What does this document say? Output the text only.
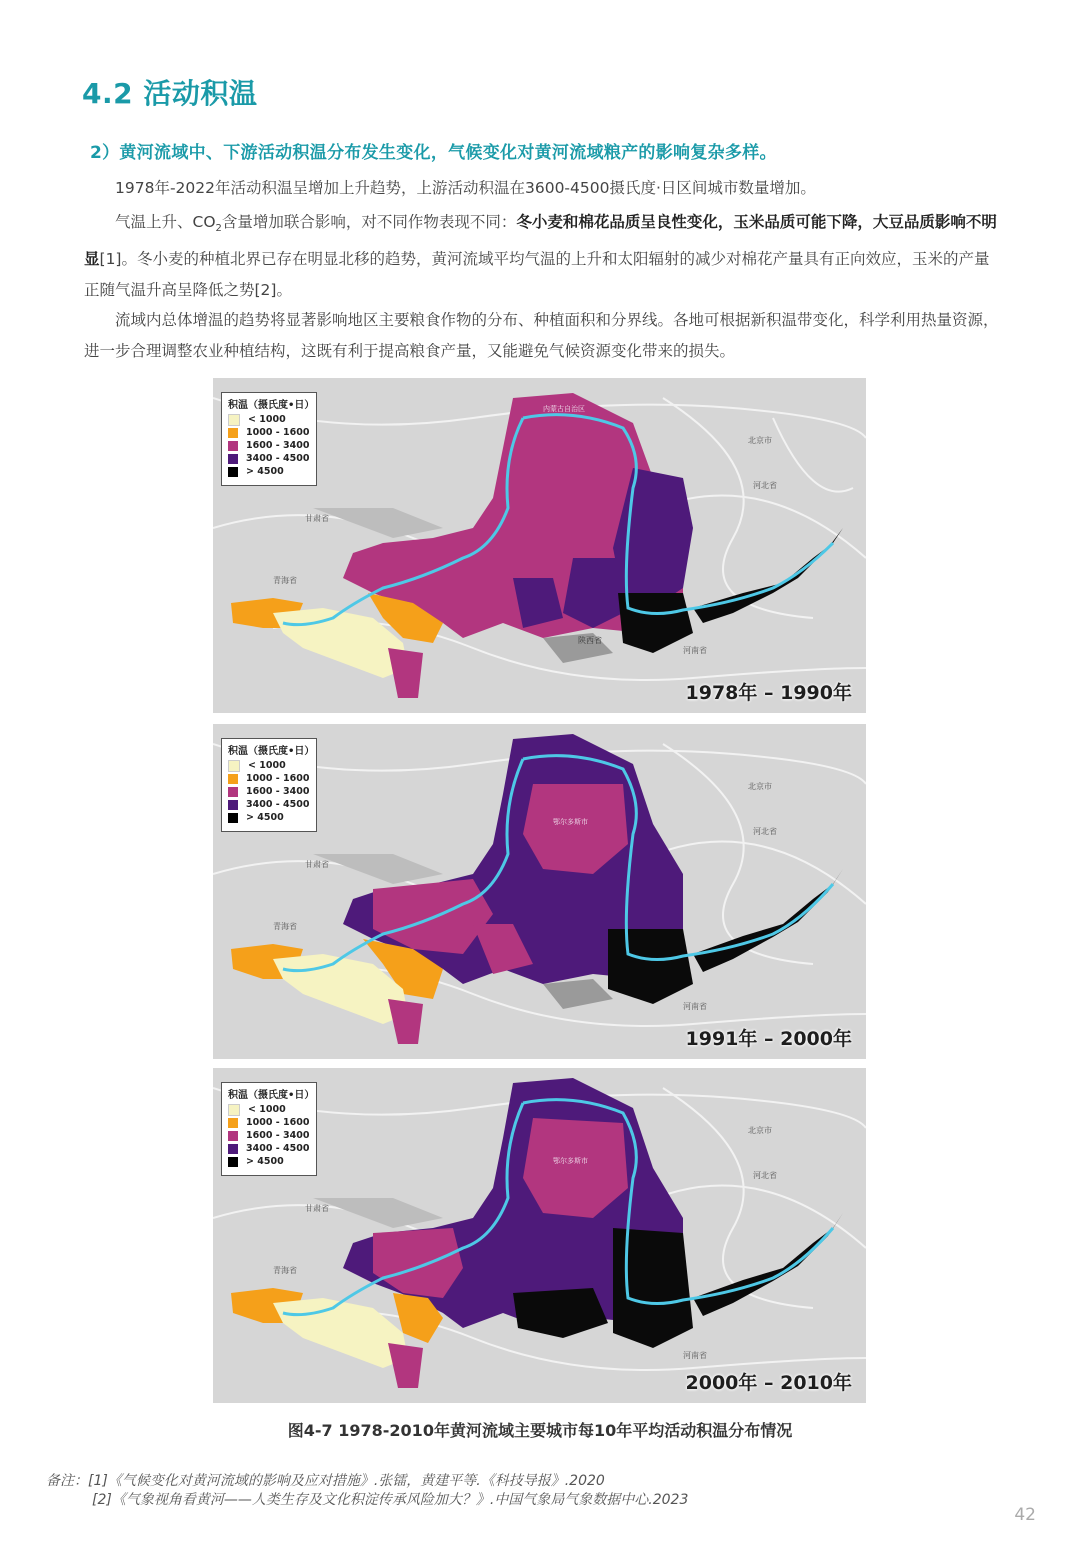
4.2 活动积温
2）黄河流域中、下游活动积温分布发生变化，气候变化对黄河流域粮产的影响复杂多样。
1978年-2022年活动积温呈增加上升趋势，上游活动积温在3600-4500摄氏度·日区间城市数量增加。
气温上升、$CO_2$含量增加联合影响，对不同作物表现不同：冬小麦和棉花品质呈良性变化，玉米品质可能下降，大豆品质影响不明显[1]。冬小麦的种植北界已存在明显北移的趋势，黄河流域平均气温的上升和太阳辐射的减少对棉花产量具有正向效应，玉米的产量正随气温升高呈降低之势[2]。
流域内总体增温的趋势将显著影响地区主要粮食作物的分布、种植面积和分界线。各地可根据新积温带变化，科学利用热量资源，进一步合理调整农业种植结构，这既有利于提高粮食产量，又能避免气候资源变化带来的损失。
甘肃省
青海省
河北省
河南省
北京市
陕西省
内蒙古自治区
积温（摄氏度•日）
< 1000
1000 - 1600
1600 - 3400
3400 - 4500
> 4500
1978年 – 1990年
甘肃省
青海省
河北省
河南省
北京市
鄂尔多斯市
积温（摄氏度•日）
< 1000
1000 - 1600
1600 - 3400
3400 - 4500
> 4500
1991年 – 2000年
甘肃省
青海省
河北省
河南省
北京市
鄂尔多斯市
积温（摄氏度•日）
< 1000
1000 - 1600
1600 - 3400
3400 - 4500
> 4500
2000年 – 2010年
图4-7 1978-2010年黄河流域主要城市每10年平均活动积温分布情况
备注：[1]《气候变化对黄河流域的影响及应对措施》.张镭，黄建平等.《科技导报》.2020
[2]《气象视角看黄河——人类生存及文化积淀传承风险加大？》.中国气象局气象数据中心.2023
42
